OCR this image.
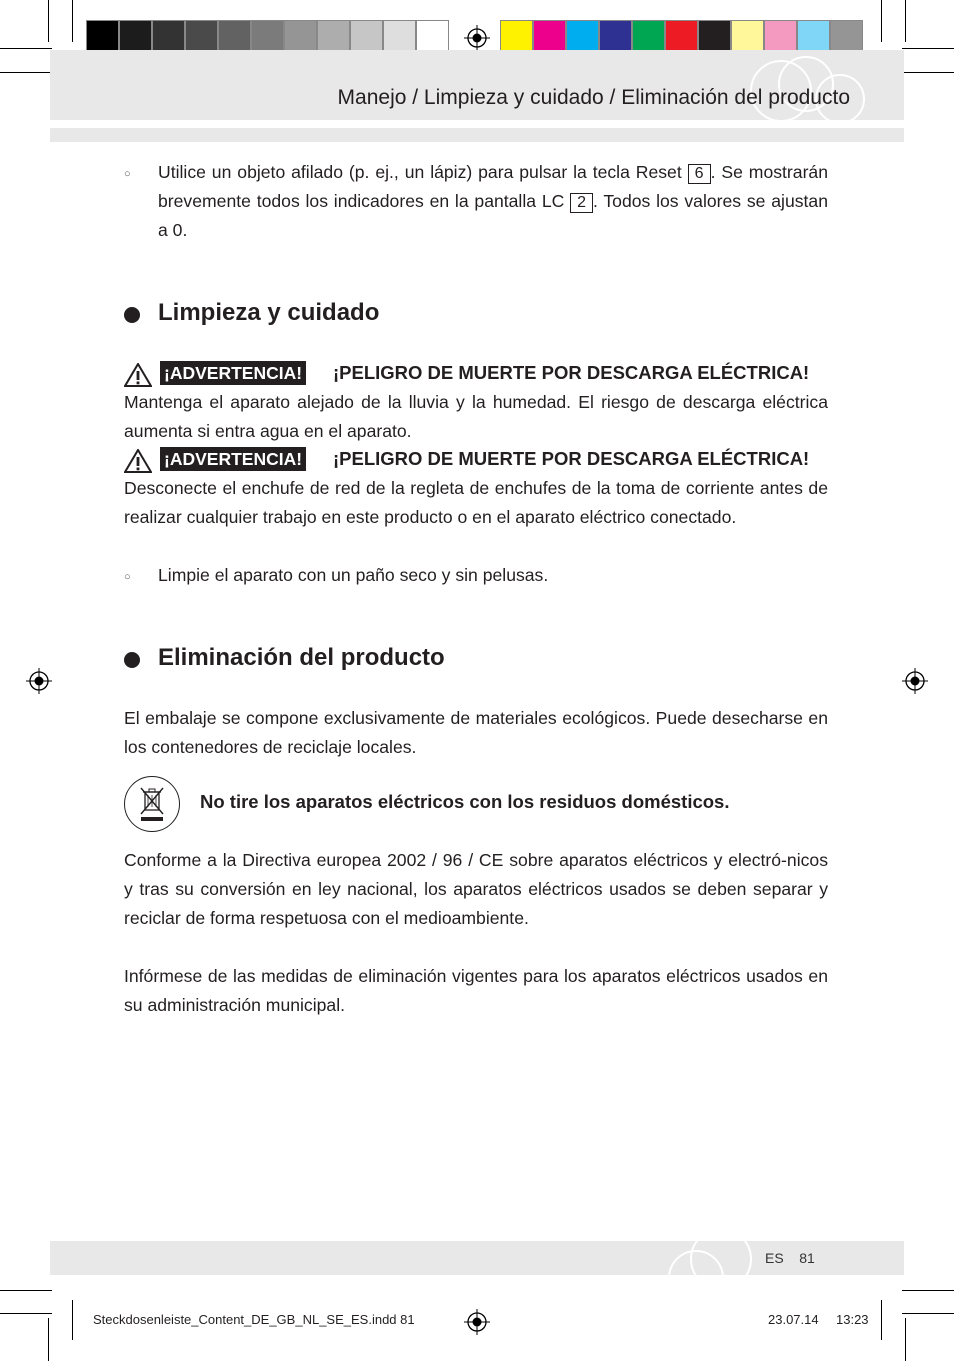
Manejo / Limpieza y cuidado / Eliminación del producto
○ Utilice un objeto afilado (p. ej., un lápiz) para pulsar la tecla Reset 6 . Se mostrarán brevemente todos los indicadores en la pantalla LC 2 . Todos los valores se ajustan a 0.
Limpieza y cuidado
¡ADVERTENCIA! ¡PELIGRO DE MUERTE POR DESCARGA ELÉCTRICA!
Mantenga el aparato alejado de la lluvia y la humedad. El riesgo de descarga eléctrica aumenta si entra agua en el aparato.
¡ADVERTENCIA! ¡PELIGRO DE MUERTE POR DESCARGA ELÉCTRICA!
Desconecte el enchufe de red de la regleta de enchufes de la toma de corriente antes de realizar cualquier trabajo en este producto o en el aparato eléctrico conectado.
○ Limpie el aparato con un paño seco y sin pelusas.
Eliminación del producto
El embalaje se compone exclusivamente de materiales ecológicos. Puede desecharse en los contenedores de reciclaje locales.
No tire los aparatos eléctricos con los residuos domésticos.
Conforme a la Directiva europea 2002 / 96 / CE sobre aparatos eléctricos y electró-nicos y tras su conversión en ley nacional, los aparatos eléctricos usados se deben separar y reciclar de forma respetuosa con el medioambiente.
Infórmese de las medidas de eliminación vigentes para los aparatos eléctricos usados en su administración municipal.
ES 81
Steckdosenleiste_Content_DE_GB_NL_SE_ES.indd 81	23.07.14 13:23
